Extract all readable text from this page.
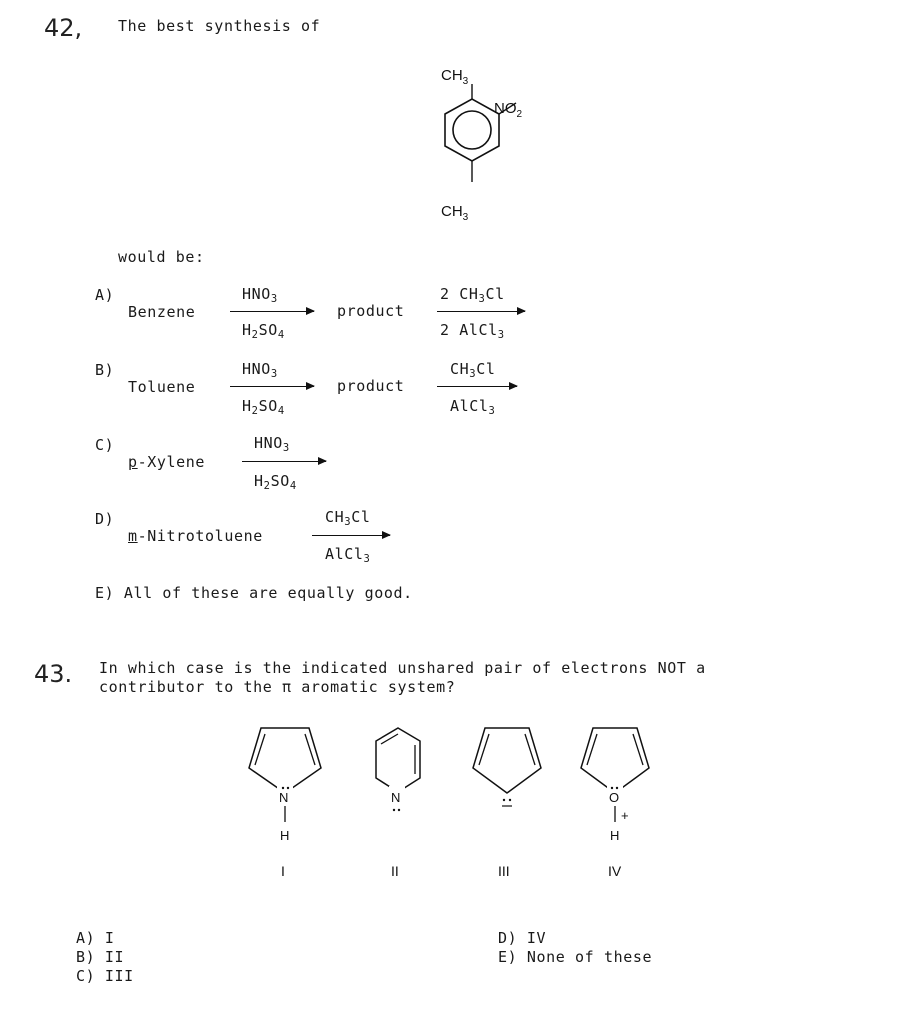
42, The best synthesis of
$CH_3$
$NO_2$
$CH_3$
would be:
A)
Benzene
$HNO_3$
$H_2SO_4$
product
2 $CH_3Cl$
2 AlCl$_3$
B)
Toluene
$HNO_3$
$H_2SO_4$
product
$CH_3Cl$
AlCl$_3$
C)
p-Xylene
$HNO_3$
$H_2SO_4$
D)
m-Nitrotoluene
$CH_3Cl$
AlCl$_3$
E) All of these are equally good.
43. In which case is the indicated unshared pair of electrons NOT a
contributor to the π aromatic system?
N
H
I
N
II	III
O
+
H
IV
A) I
B) II
C) III
D) IV
E) None of these
